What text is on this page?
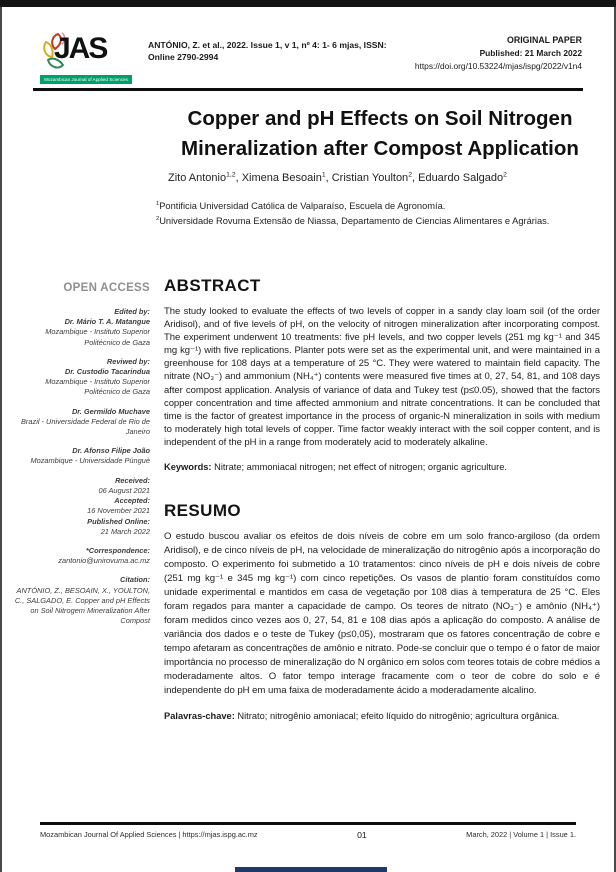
JAS
Mozambican Journal of Applied Sciences
ANTÓNIO, Z. et al., 2022. Issue 1, v 1, nº 4: 1- 6 mjas, ISSN: Online 2790-2994
ORIGINAL PAPER
Published: 21 March 2022
https://doi.org/10.53224/mjas/ispg/2022/v1n4
Copper and pH Effects on Soil Nitrogen
Mineralization after Compost Application
Zito Antonio$^{1,2}$, Ximena Besoain$^1$, Cristian Youlton$^2$, Eduardo Salgado$^2$
$^1$Pontificia Universidad Católica de Valparaíso, Escuela de Agronomía.
$^2$Universidade Rovuma Extensão de Niassa, Departamento de Ciencias Alimentares e Agrárias.
OPEN ACCESS
Edited by:
Dr. Mário T. A. Matangue
Mozambique - Instituto Superior Politécnico de Gaza
Reviwed by:
Dr. Custodio Tacarindua
Mozambique - Instituto Superior Politécnico de Gaza
Dr. Germildo Muchave
Brazil - Universidade Federal de Rio de Janeiro
Dr. Afonso Filipe João
Mozambique - Universidade Púnguè
Received:
06 August 2021
Accepted:
16 November 2021
Published Online:
21 March 2022
*Correspondence:
zantonio@unirovuma.ac.mz
Citation:
ANTÓNIO, Z., BESOAIN, X., YOULTON, C., SALGADO, E. Copper and pH Effects on Soil Nitrogem Mineralization After Compost
ABSTRACT

The study looked to evaluate the effects of two levels of copper in a sandy clay loam soil (of the order Aridisol), and of five levels of pH, on the velocity of nitrogen mineralization after incorporating compost. The experiment underwent 10 treatments: five pH levels, and two copper levels (251 mg kg⁻¹ and 345 mg kg⁻¹) with five replications. Planter pots were set as the experimental unit, and were maintained in a greenhouse for 108 days at a temperature of 25 °C. They were watered to maintain field capacity. The nitrate (NO₃⁻) and ammonium (NH₄⁺) contents were measured five times at 0, 27, 54, 81, and 108 days after compost application. Analysis of variance of data and Tukey test (p≤0.05), showed that the factors copper concentration and time affected ammonium and nitrate concentrations. It can be concluded that time is the factor of greatest importance in the process of organic-N mineralization in soils with medium to moderately high total levels of copper. Time factor weakly interact with the soil copper content, and is independent of the pH in a range from moderately acid to moderately alkaline.

Keywords: Nitrate; ammoniacal nitrogen; net effect of nitrogen; organic agriculture.
RESUMO

O estudo buscou avaliar os efeitos de dois níveis de cobre em um solo franco-argiloso (da ordem Aridisol), e de cinco níveis de pH, na velocidade de mineralização do nitrogênio após a incorporação do composto. O experimento foi submetido a 10 tratamentos: cinco níveis de pH e dois níveis de cobre (251 mg kg⁻¹ e 345 mg kg⁻¹) com cinco repetições. Os vasos de plantio foram constituídos como unidade experimental e mantidos em casa de vegetação por 108 dias à temperatura de 25 °C. Eles foram regados para manter a capacidade de campo. Os teores de nitrato (NO₃⁻) e amônio (NH₄⁺) foram medidos cinco vezes aos 0, 27, 54, 81 e 108 dias após a aplicação do composto. A análise de variância dos dados e o teste de Tukey (p≤0,05), mostraram que os fatores concentração de cobre e tempo afetaram as concentrações de amônio e nitrato. Pode-se concluir que o tempo é o fator de maior importância no processo de mineralização do N orgânico em solos com teores totais de cobre médios a moderadamente altos. O fator tempo interage fracamente com o teor de cobre do solo e é independente do pH em uma faixa de moderadamente ácido a moderadamente alcalino.

Palavras-chave: Nitrato; nitrogênio amoniacal; efeito líquido do nitrogênio; agricultura orgânica.
Mozambican Journal Of Applied Sciences | https://mjas.ispg.ac.mz	01	March, 2022 | Volume 1 | Issue 1.
